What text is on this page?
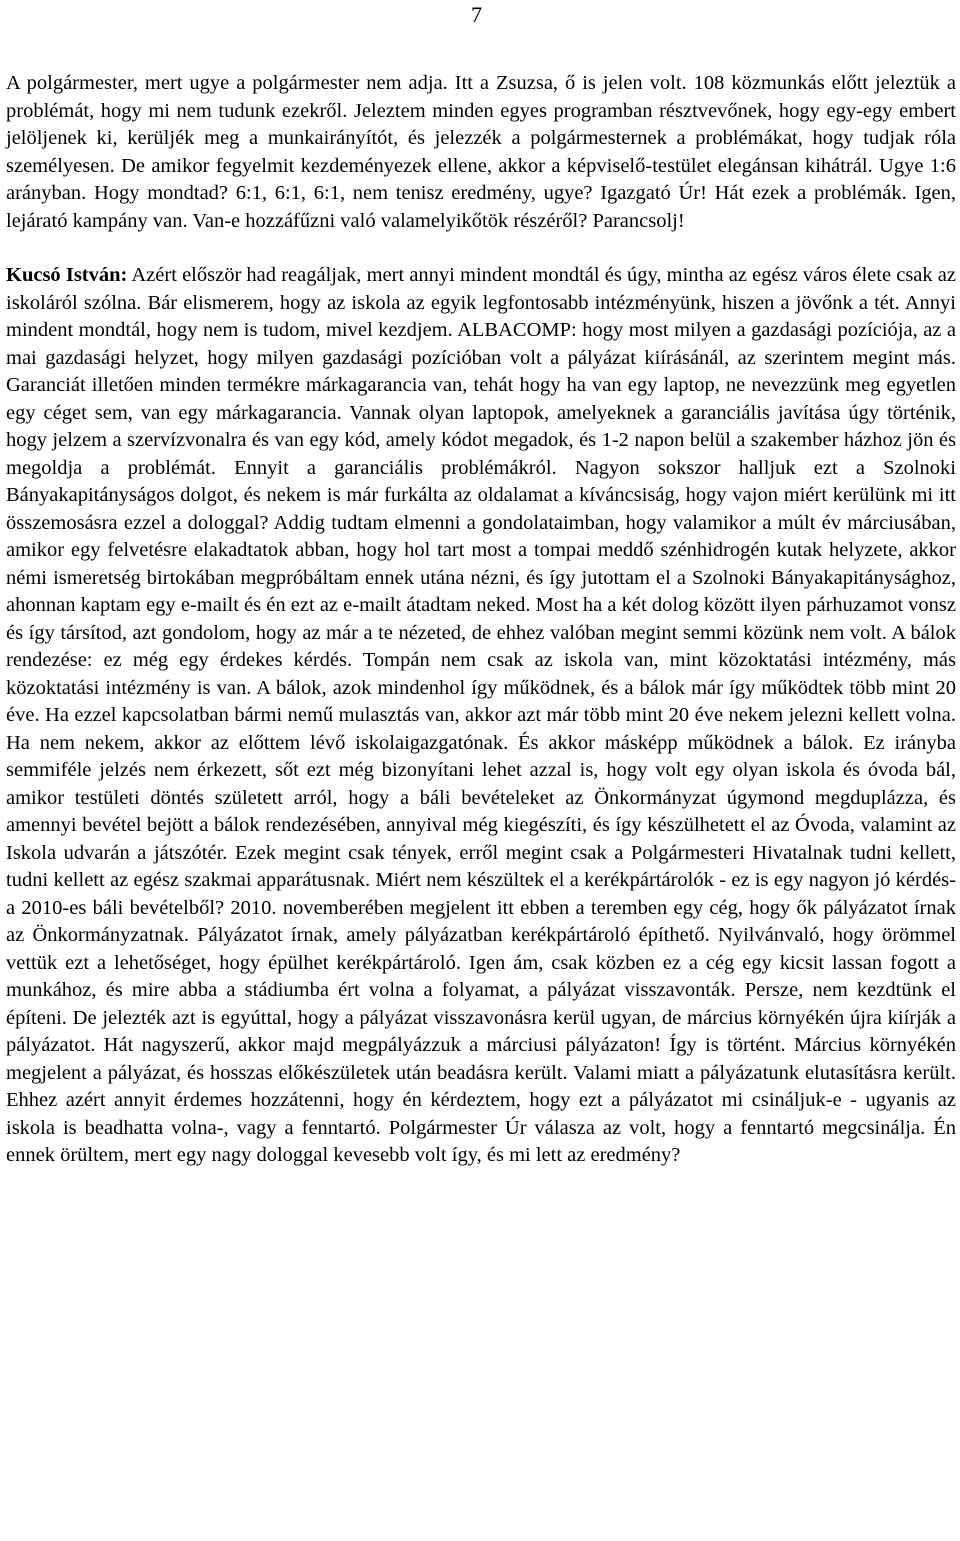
7

A polgármester, mert ugye a polgármester nem adja. Itt a Zsuzsa, ő is jelen volt. 108 közmunkás előtt jeleztük a problémát, hogy mi nem tudunk ezekről. Jeleztem minden egyes programban résztvevőnek, hogy egy-egy embert jelöljenek ki, kerüljék meg a munkairányítót, és jelezzék a polgármesternek a problémákat, hogy tudjak róla személyesen. De amikor fegyelmit kezdeményezek ellene, akkor a képviselő-testület elegánsan kihátrál. Ugye 1:6 arányban. Hogy mondtad? 6:1, 6:1, 6:1, nem tenisz eredmény, ugye? Igazgató Úr! Hát ezek a problémák. Igen, lejárató kampány van. Van-e hozzáfűzni való valamelyikőtök részéről? Parancsolj!

Kucsó István: Azért először had reagáljak, mert annyi mindent mondtál és úgy, mintha az egész város élete csak az iskoláról szólna. Bár elismerem, hogy az iskola az egyik legfontosabb intézményünk, hiszen a jövőnk a tét. Annyi mindent mondtál, hogy nem is tudom, mivel kezdjem. ALBACOMP: hogy most milyen a gazdasági pozíciója, az a mai gazdasági helyzet, hogy milyen gazdasági pozícióban volt a pályázat kiírásánál, az szerintem megint más. Garanciát illetően minden termékre márkagarancia van, tehát hogy ha van egy laptop, ne nevezzünk meg egyetlen egy céget sem, van egy márkagarancia. Vannak olyan laptopok, amelyeknek a garanciális javítása úgy történik, hogy jelzem a szervízvonalra és van egy kód, amely kódot megadok, és 1-2 napon belül a szakember házhoz jön és megoldja a problémát. Ennyit a garanciális problémákról. Nagyon sokszor halljuk ezt a Szolnoki Bányakapitányságos dolgot, és nekem is már furkálta az oldalamat a kíváncsiság, hogy vajon miért kerülünk mi itt összemosásra ezzel a dologgal? Addig tudtam elmenni a gondolataimban, hogy valamikor a múlt év márciusában, amikor egy felvetésre elakadtatok abban, hogy hol tart most a tompai meddő szénhidrogén kutak helyzete, akkor némi ismeretség birtokában megpróbáltam ennek utána nézni, és így jutottam el a Szolnoki Bányakapitánysághoz, ahonnan kaptam egy e-mailt és én ezt az e-mailt átadtam neked. Most ha a két dolog között ilyen párhuzamot vonsz és így társítod, azt gondolom, hogy az már a te nézeted, de ehhez valóban megint semmi közünk nem volt. A bálok rendezése: ez még egy érdekes kérdés. Tompán nem csak az iskola van, mint közoktatási intézmény, más közoktatási intézmény is van. A bálok, azok mindenhol így működnek, és a bálok már így működtek több mint 20 éve. Ha ezzel kapcsolatban bármi nemű mulasztás van, akkor azt már több mint 20 éve nekem jelezni kellett volna. Ha nem nekem, akkor az előttem lévő iskolaigazgatónak. És akkor másképp működnek a bálok. Ez irányba semmiféle jelzés nem érkezett, sőt ezt még bizonyítani lehet azzal is, hogy volt egy olyan iskola és óvoda bál, amikor testületi döntés született arról, hogy a báli bevételeket az Önkormányzat úgymond megduplázza, és amennyi bevétel bejött a bálok rendezésében, annyival még kiegészíti, és így készülhetett el az Óvoda, valamint az Iskola udvarán a játszótér. Ezek megint csak tények, erről megint csak a Polgármesteri Hivatalnak tudni kellett, tudni kellett az egész szakmai apparátusnak. Miért nem készültek el a kerékpártárolók - ez is egy nagyon jó kérdés- a 2010-es báli bevételből? 2010. novemberében megjelent itt ebben a teremben egy cég, hogy ők pályázatot írnak az Önkormányzatnak. Pályázatot írnak, amely pályázatban kerékpártároló építhető. Nyilvánvaló, hogy örömmel vettük ezt a lehetőséget, hogy épülhet kerékpártároló. Igen ám, csak közben ez a cég egy kicsit lassan fogott a munkához, és mire abba a stádiumba ért volna a folyamat, a pályázat visszavonták. Persze, nem kezdtünk el építeni. De jelezték azt is egyúttal, hogy a pályázat visszavonásra kerül ugyan, de március környékén újra kiírják a pályázatot. Hát nagyszerű, akkor majd megpályázzuk a márciusi pályázaton! Így is történt. Március környékén megjelent a pályázat, és hosszas előkészületek után beadásra került. Valami miatt a pályázatunk elutasításra került. Ehhez azért annyit érdemes hozzátenni, hogy én kérdeztem, hogy ezt a pályázatot mi csináljuk-e - ugyanis az iskola is beadhatta volna-, vagy a fenntartó. Polgármester Úr válasza az volt, hogy a fenntartó megcsinálja. Én ennek örültem, mert egy nagy dologgal kevesebb volt így, és mi lett az eredmény?
